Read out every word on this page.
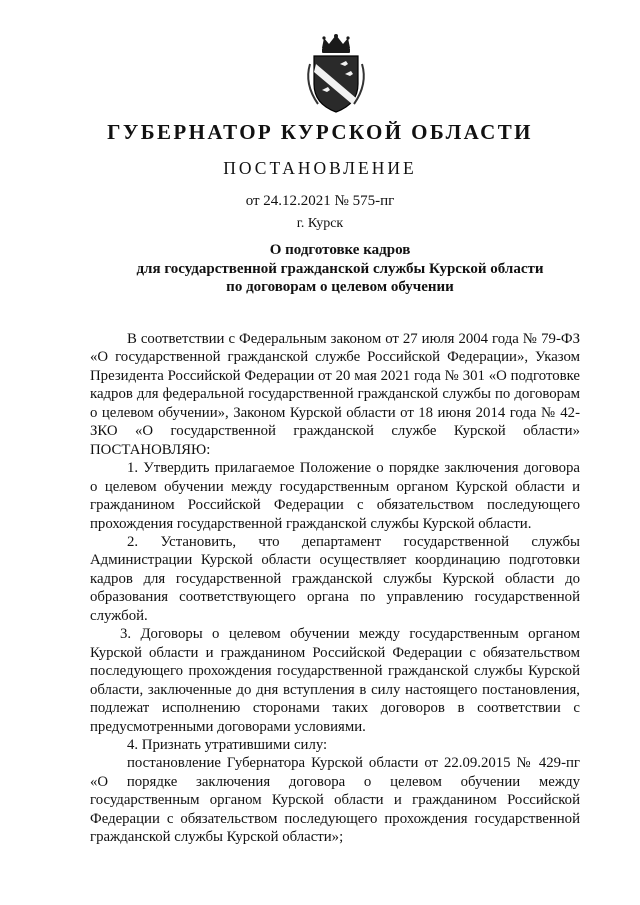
ГУБЕРНАТОР КУРСКОЙ ОБЛАСТИ
ПОСТАНОВЛЕНИЕ
от 24.12.2021 № 575-пг
г. Курск
О подготовке кадров
для государственной гражданской службы Курской области
по договорам о целевом обучении

В соответствии с Федеральным законом от 27 июля 2004 года № 79-ФЗ «О государственной гражданской службе Российской Федерации», Указом Президента Российской Федерации от 20 мая 2021 года № 301 «О подготовке кадров для федеральной государственной гражданской службы по договорам о целевом обучении», Законом Курской области от 18 июня 2014 года № 42-ЗКО «О государственной гражданской службе Курской области» ПОСТАНОВЛЯЮ:

1. Утвердить прилагаемое Положение о порядке заключения договора о целевом обучении между государственным органом Курской области и гражданином Российской Федерации с обязательством последующего прохождения государственной гражданской службы Курской области.

2. Установить, что департамент государственной службы Администрации Курской области осуществляет координацию подготовки кадров для государственной гражданской службы Курской области до образования соответствующего органа по управлению государственной службой.

3. Договоры о целевом обучении между государственным органом Курской области и гражданином Российской Федерации с обязательством последующего прохождения государственной гражданской службы Курской области, заключенные до дня вступления в силу настоящего постановления, подлежат исполнению сторонами таких договоров в соответствии с предусмотренными договорами условиями.

4. Признать утратившими силу:

постановление Губернатора Курской области от 22.09.2015 № 429-пг «О порядке заключения договора о целевом обучении между государственным органом Курской области и гражданином Российской Федерации с обязательством последующего прохождения государственной гражданской службы Курской области»;
